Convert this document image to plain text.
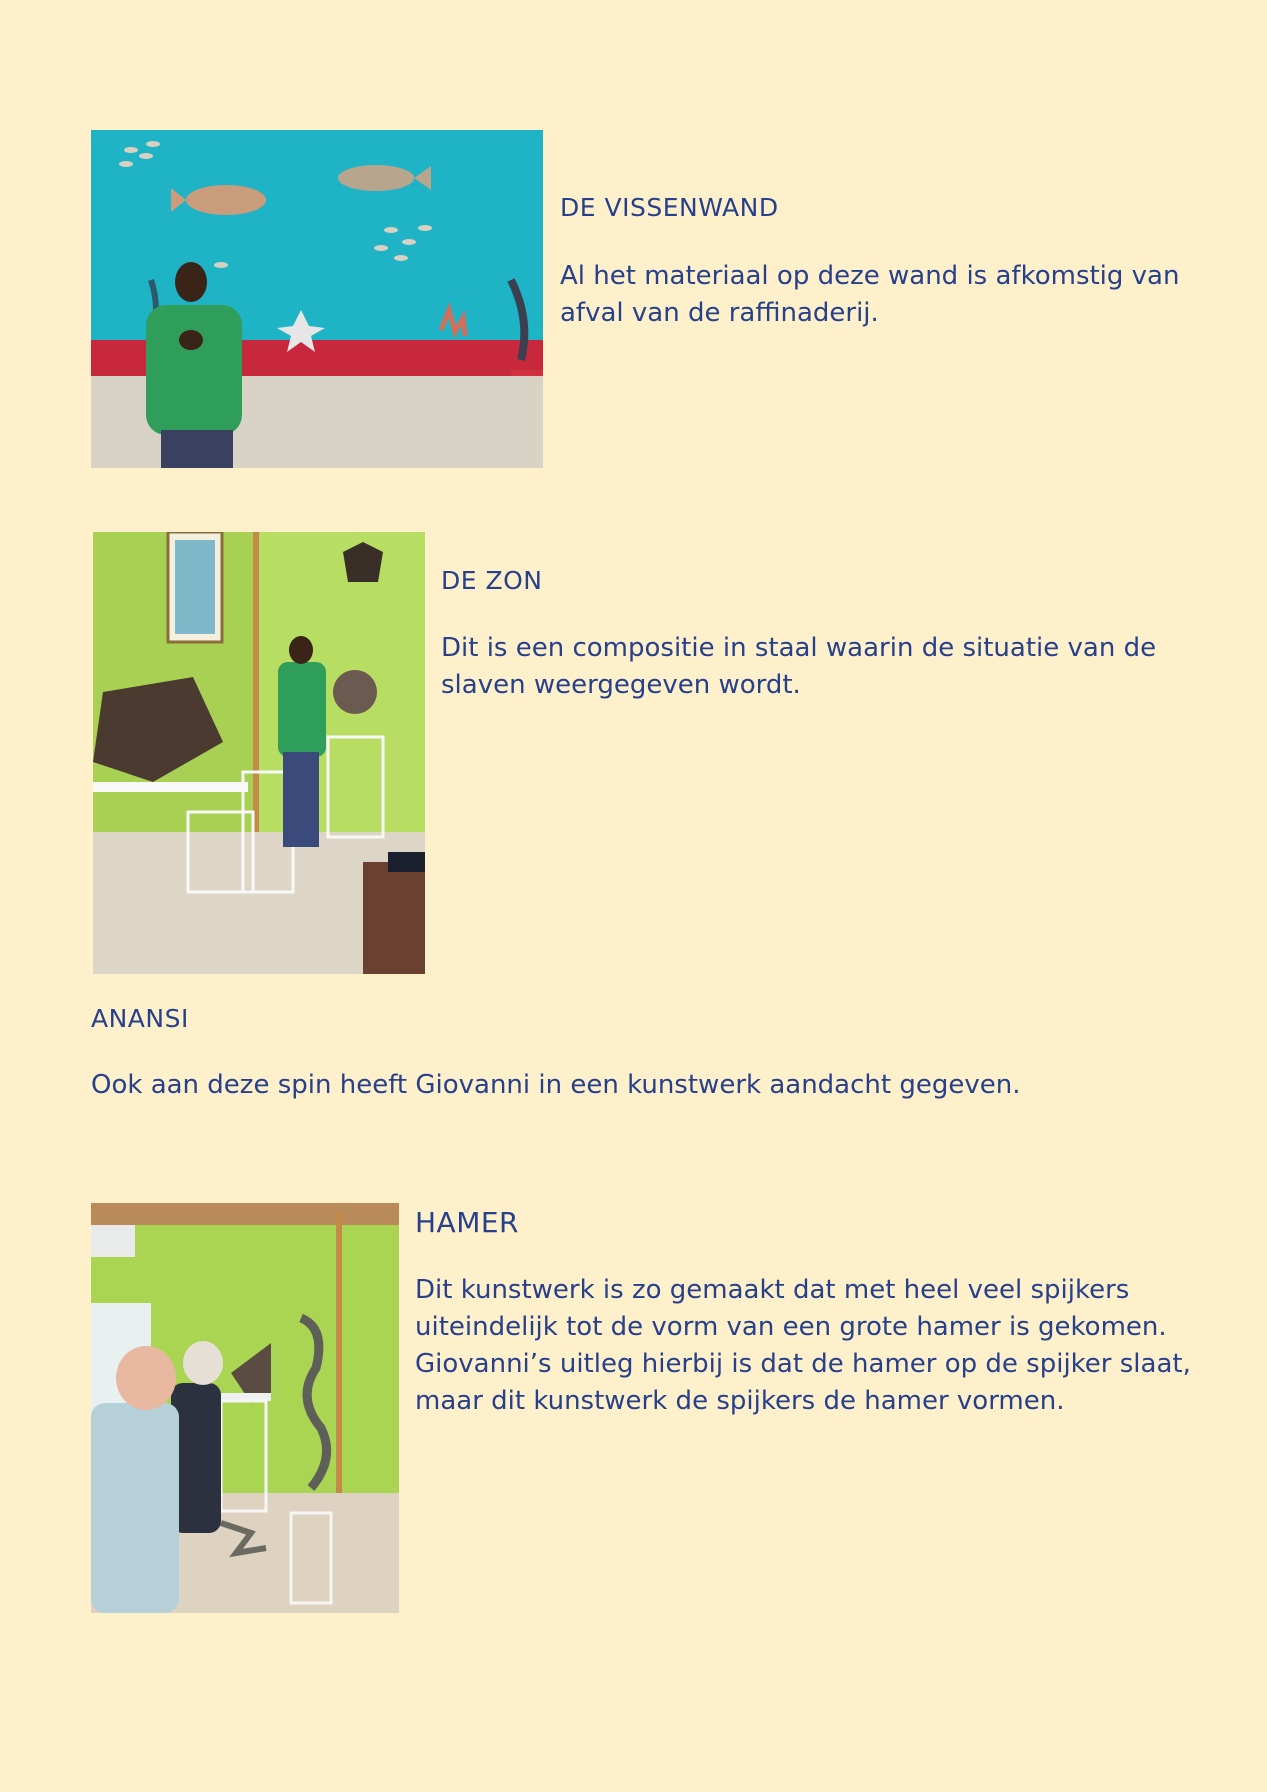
DE VISSENWAND

Al het materiaal op deze wand is afkomstig van afval van de raffinaderij.

DE ZON

Dit is een compositie in staal waarin de situatie van de slaven weergegeven wordt.

ANANSI

Ook aan deze spin heeft Giovanni in een kunstwerk aandacht gegeven.

HAMER

Dit kunstwerk is zo gemaakt dat met heel veel spijkers uiteindelijk tot de vorm van een grote hamer is gekomen. Giovanni’s uitleg hierbij is dat de hamer op de spijker slaat, maar dit kunstwerk de spijkers de hamer vormen.
